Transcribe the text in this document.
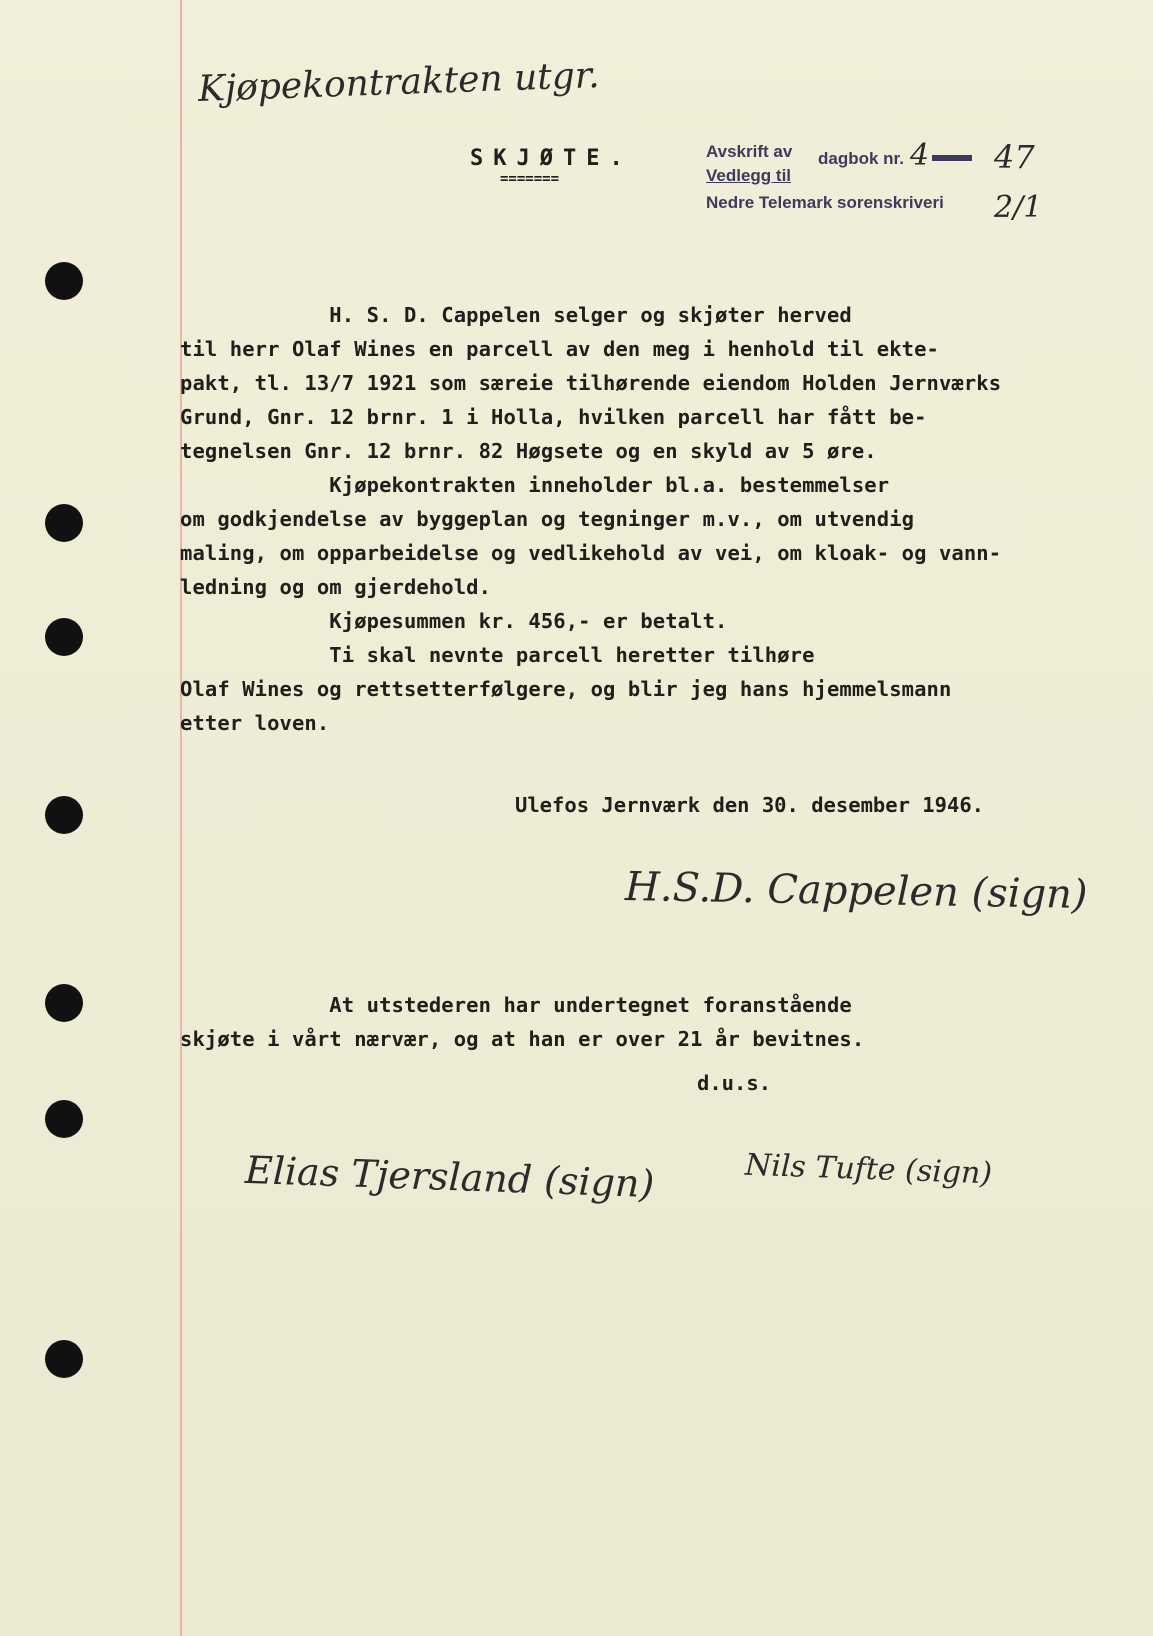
Kjøpekontrakten utgr.
SKJØTE.
=======
Avskrift av dagbok nr.
Vedlegg til
Nedre Telemark sorenskriveri
4 47
2/1
H. S. D. Cappelen selger og skjøter herved
til herr Olaf Wines en parcell av den meg i henhold til ekte-
pakt, tl. 13/7 1921 som særeie tilhørende eiendom Holden Jernværks
Grund, Gnr. 12 brnr. 1 i Holla, hvilken parcell har fått be-
tegnelsen Gnr. 12 brnr. 82 Høgsete og en skyld av 5 øre.
Kjøpekontrakten inneholder bl.a. bestemmelser
om godkjendelse av byggeplan og tegninger m.v., om utvendig
maling, om opparbeidelse og vedlikehold av vei, om kloak- og vann-
ledning og om gjerdehold.
Kjøpesummen kr. 456,- er betalt.
Ti skal nevnte parcell heretter tilhøre
Olaf Wines og rettsetterfølgere, og blir jeg hans hjemmelsmann
etter loven.
Ulefos Jernværk den 30. desember 1946.
H.S.D. Cappelen (sign)
At utstederen har undertegnet foranstående
skjøte i vårt nærvær, og at han er over 21 år bevitnes.
d.u.s.
Elias Tjersland (sign)	Nils Tufte (sign)
